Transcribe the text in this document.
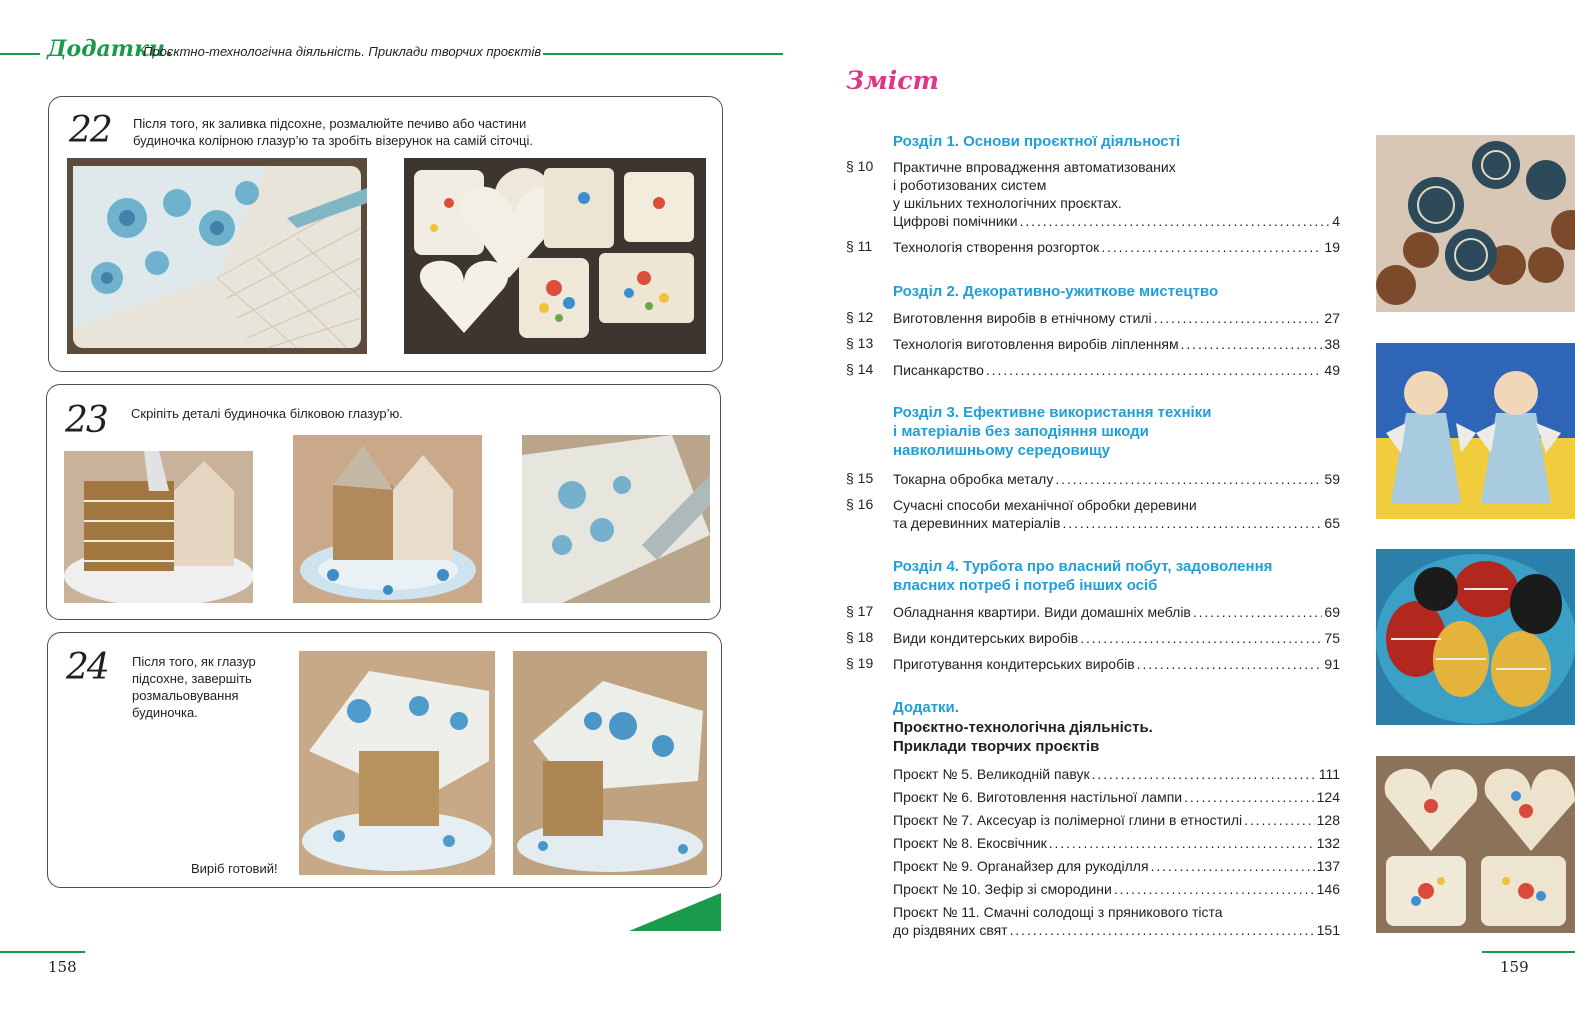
Додатки.
Проєктно-технологічна діяльність. Приклади творчих проєктів
22 Після того, як заливка підсохне, розмалюйте печиво або частини будиночка колірною глазур’ю та зробіть візерунок на самій сіточці.
23 Скріпіть деталі будиночка білковою глазур’ю.
24 Після того, як глазур підсохне, завершіть розмальовування будиночка.
Виріб готовий!
158
Зміст
Розділ 1. Основи проєктної діяльності
§ 10 Практичне впровадження автоматизованих
і роботизованих систем
у шкільних технологічних проєктах.
Цифрові помічники . . .	4
§ 11 Технологія створення розгорток . . .	19
Розділ 2. Декоративно-ужиткове мистецтво
§ 12 Виготовлення виробів в етнічному стилі . . .	27
§ 13 Технологія виготовлення виробів ліпленням . . .	38
§ 14 Писанкарство . . .	49
Розділ 3. Ефективне використання техніки
і матеріалів без заподіяння шкоди
навколишньому середовищу
§ 15 Токарна обробка металу . . .	59
§ 16 Сучасні способи механічної обробки деревини
та деревинних матеріалів . . .	65
Розділ 4. Турбота про власний побут, задоволення
власних потреб і потреб інших осіб
§ 17 Обладнання квартири. Види домашніх меблів . . .	69
§ 18 Види кондитерських виробів . . .	75
§ 19 Приготування кондитерських виробів . . .	91
Додатки.
Проєктно-технологічна діяльність.
Приклади творчих проєктів
Проєкт № 5. Великодній павук . . .	111
Проєкт № 6. Виготовлення настільної лампи . . .	124
Проєкт № 7. Аксесуар із полімерної глини в етностилі . . .	128
Проєкт № 8. Екосвічник . . .	132
Проєкт № 9. Органайзер для рукоділля . . .	137
Проєкт № 10. Зефір зі смородини . . .	146
Проєкт № 11. Смачні солодощі з пряникового тіста
до різдвяних свят . . .	151
159
